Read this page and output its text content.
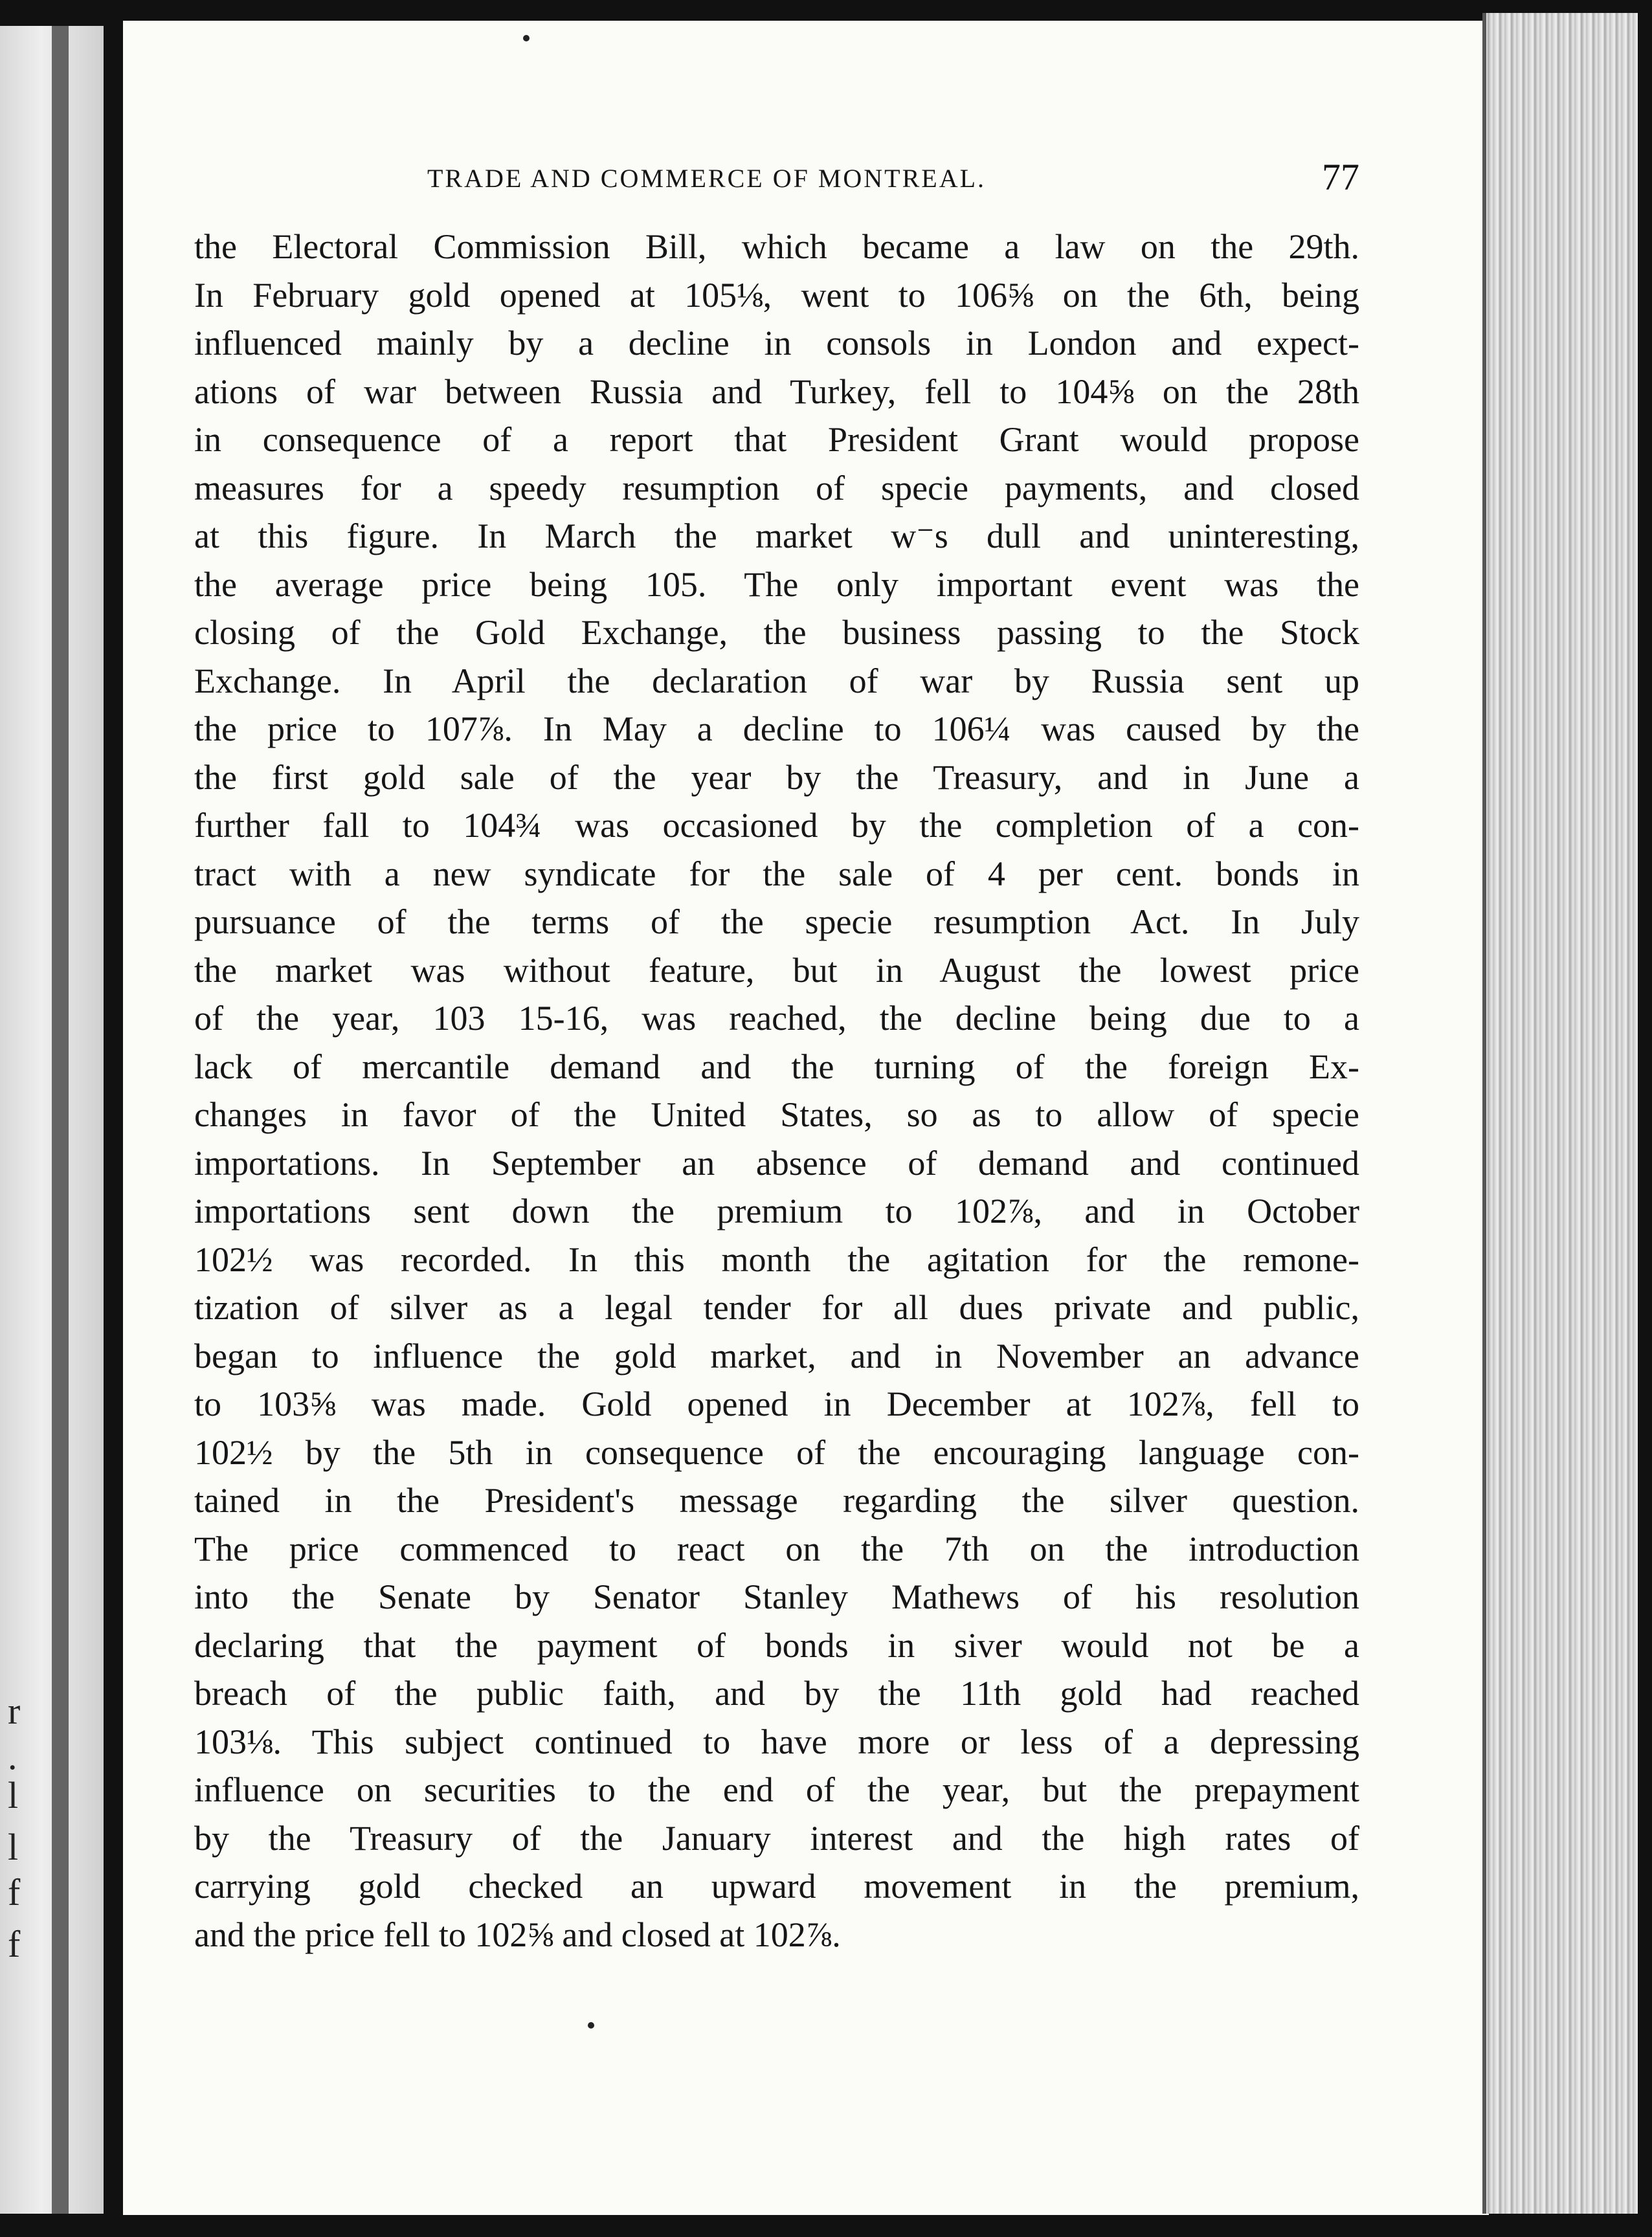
r
.
l
l
f
f
TRADE AND COMMERCE OF MONTREAL.	77
the Electoral Commission Bill, which became a law on the 29th.
In February gold opened at 105⅛, went to 106⅝ on the 6th, being
influenced mainly by a decline in consols in London and expect-
ations of war between Russia and Turkey, fell to 104⅝ on the 28th
in consequence of a report that President Grant would propose
measures for a speedy resumption of specie payments, and closed
at this figure. In March the market w⁻s dull and uninteresting,
the average price being 105. The only important event was the
closing of the Gold Exchange, the business passing to the Stock
Exchange. In April the declaration of war by Russia sent up
the price to 107⅞. In May a decline to 106¼ was caused by the
the first gold sale of the year by the Treasury, and in June a
further fall to 104¾ was occasioned by the completion of a con-
tract with a new syndicate for the sale of 4 per cent. bonds in
pursuance of the terms of the specie resumption Act. In July
the market was without feature, but in August the lowest price
of the year, 103 15-16, was reached, the decline being due to a
lack of mercantile demand and the turning of the foreign Ex-
changes in favor of the United States, so as to allow of specie
importations. In September an absence of demand and continued
importations sent down the premium to 102⅞, and in October
102½ was recorded. In this month the agitation for the remone-
tization of silver as a legal tender for all dues private and public,
began to influence the gold market, and in November an advance
to 103⅝ was made. Gold opened in December at 102⅞, fell to
102½ by the 5th in consequence of the encouraging language con-
tained in the President's message regarding the silver question.
The price commenced to react on the 7th on the introduction
into the Senate by Senator Stanley Mathews of his resolution
declaring that the payment of bonds in siver would not be a
breach of the public faith, and by the 11th gold had reached
103⅛. This subject continued to have more or less of a depressing
influence on securities to the end of the year, but the prepayment
by the Treasury of the January interest and the high rates of
carrying gold checked an upward movement in the premium,
and the price fell to 102⅝ and closed at 102⅞.
